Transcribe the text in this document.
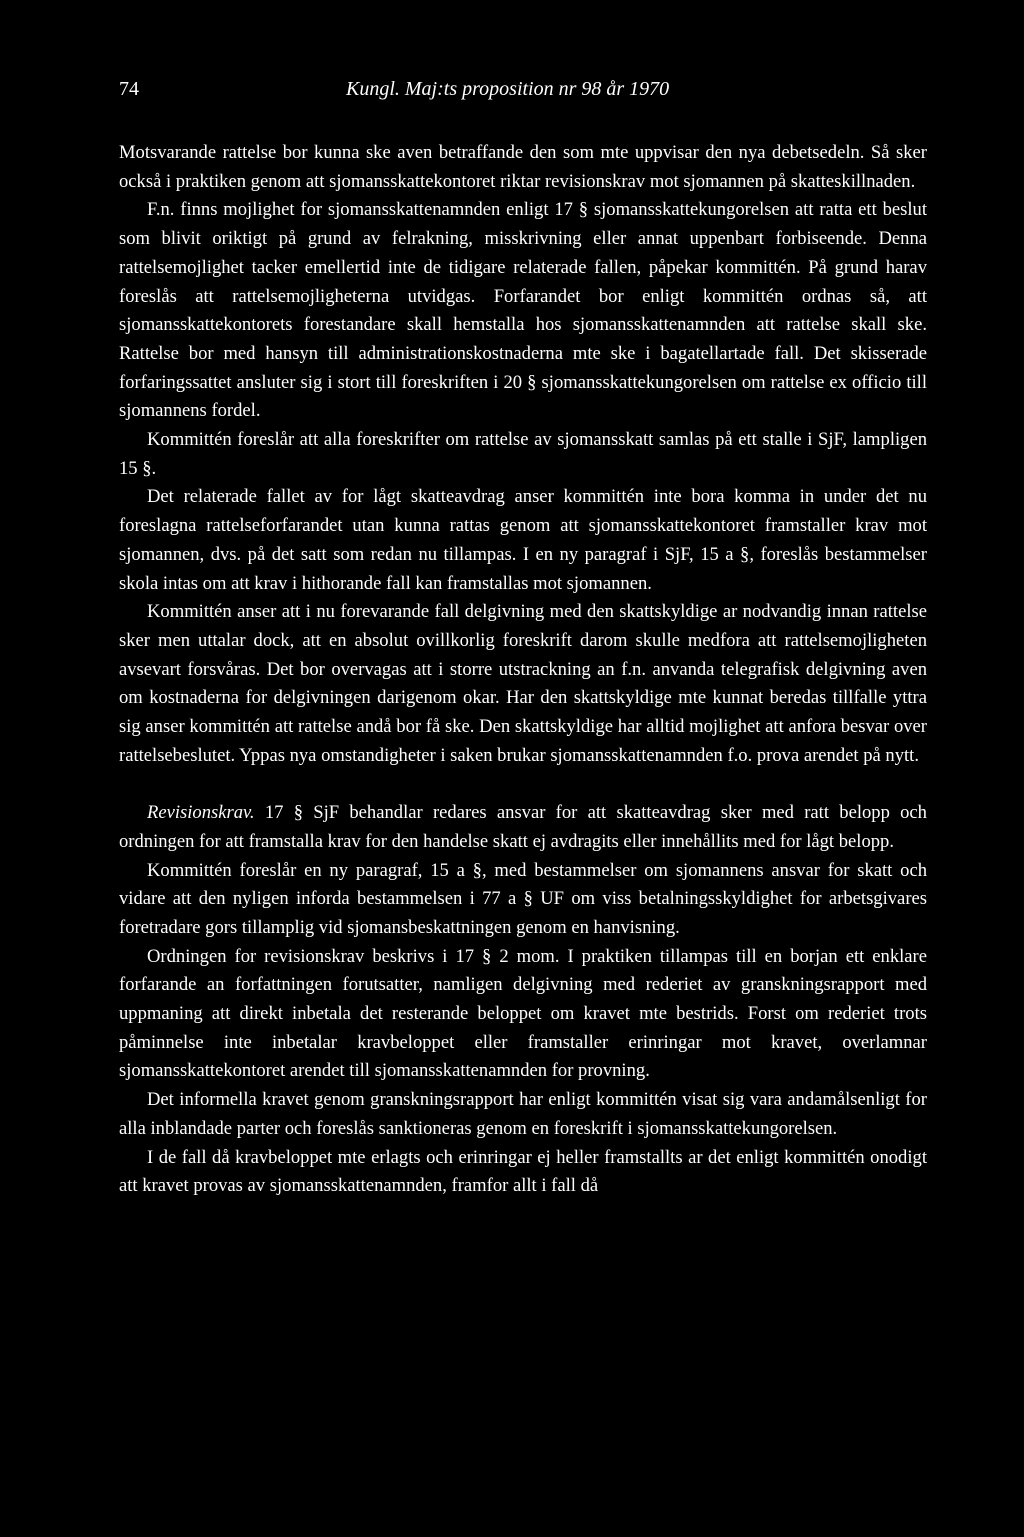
74	Kungl. Maj:ts proposition nr 98 år 1970

Motsvarande rattelse bor kunna ske aven betraffande den som mte uppvisar den nya debetsedeln. Så sker också i praktiken genom att sjomansskattekontoret riktar revisionskrav mot sjomannen på skatteskillnaden.

F.n. finns mojlighet for sjomansskattenamnden enligt 17 § sjomansskattekungorelsen att ratta ett beslut som blivit oriktigt på grund av felrakning, misskrivning eller annat uppenbart forbiseende. Denna rattelsemojlighet tacker emellertid inte de tidigare relaterade fallen, påpekar kommittén. På grund harav foreslås att rattelsemojligheterna utvidgas. Forfarandet bor enligt kommittén ordnas så, att sjomansskattekontorets forestandare skall hemstalla hos sjomansskattenamnden att rattelse skall ske. Rattelse bor med hansyn till administrationskostnaderna mte ske i bagatellartade fall. Det skisserade forfaringssattet ansluter sig i stort till foreskriften i 20 § sjomansskattekungorelsen om rattelse ex officio till sjomannens fordel.

Kommittén foreslår att alla foreskrifter om rattelse av sjomansskatt samlas på ett stalle i SjF, lampligen 15 §.

Det relaterade fallet av for lågt skatteavdrag anser kommittén inte bora komma in under det nu foreslagna rattelseforfarandet utan kunna rattas genom att sjomansskattekontoret framstaller krav mot sjomannen, dvs. på det satt som redan nu tillampas. I en ny paragraf i SjF, 15 a §, foreslås bestammelser skola intas om att krav i hithorande fall kan framstallas mot sjomannen.

Kommittén anser att i nu forevarande fall delgivning med den skattskyldige ar nodvandig innan rattelse sker men uttalar dock, att en absolut ovillkorlig foreskrift darom skulle medfora att rattelsemojligheten avsevart forsvåras. Det bor overvagas att i storre utstrackning an f.n. anvanda telegrafisk delgivning aven om kostnaderna for delgivningen darigenom okar. Har den skattskyldige mte kunnat beredas tillfalle yttra sig anser kommittén att rattelse andå bor få ske. Den skattskyldige har alltid mojlighet att anfora besvar over rattelsebeslutet. Yppas nya omstandigheter i saken brukar sjomansskattenamnden f.o. prova arendet på nytt.

Revisionskrav. 17 § SjF behandlar redares ansvar for att skatteavdrag sker med ratt belopp och ordningen for att framstalla krav for den handelse skatt ej avdragits eller innehållits med for lågt belopp.

Kommittén foreslår en ny paragraf, 15 a §, med bestammelser om sjomannens ansvar for skatt och vidare att den nyligen inforda bestammelsen i 77 a § UF om viss betalningsskyldighet for arbetsgivares foretradare gors tillamplig vid sjomansbeskattningen genom en hanvisning.

Ordningen for revisionskrav beskrivs i 17 § 2 mom. I praktiken tillampas till en borjan ett enklare forfarande an forfattningen forutsatter, namligen delgivning med rederiet av granskningsrapport med uppmaning att direkt inbetala det resterande beloppet om kravet mte bestrids. Forst om rederiet trots påminnelse inte inbetalar kravbeloppet eller framstaller erinringar mot kravet, overlamnar sjomansskattekontoret arendet till sjomansskattenamnden for provning.

Det informella kravet genom granskningsrapport har enligt kommittén visat sig vara andamålsenligt for alla inblandade parter och foreslås sanktioneras genom en foreskrift i sjomansskattekungorelsen.

I de fall då kravbeloppet mte erlagts och erinringar ej heller framstallts ar det enligt kommittén onodigt att kravet provas av sjomansskattenamnden, framfor allt i fall då
